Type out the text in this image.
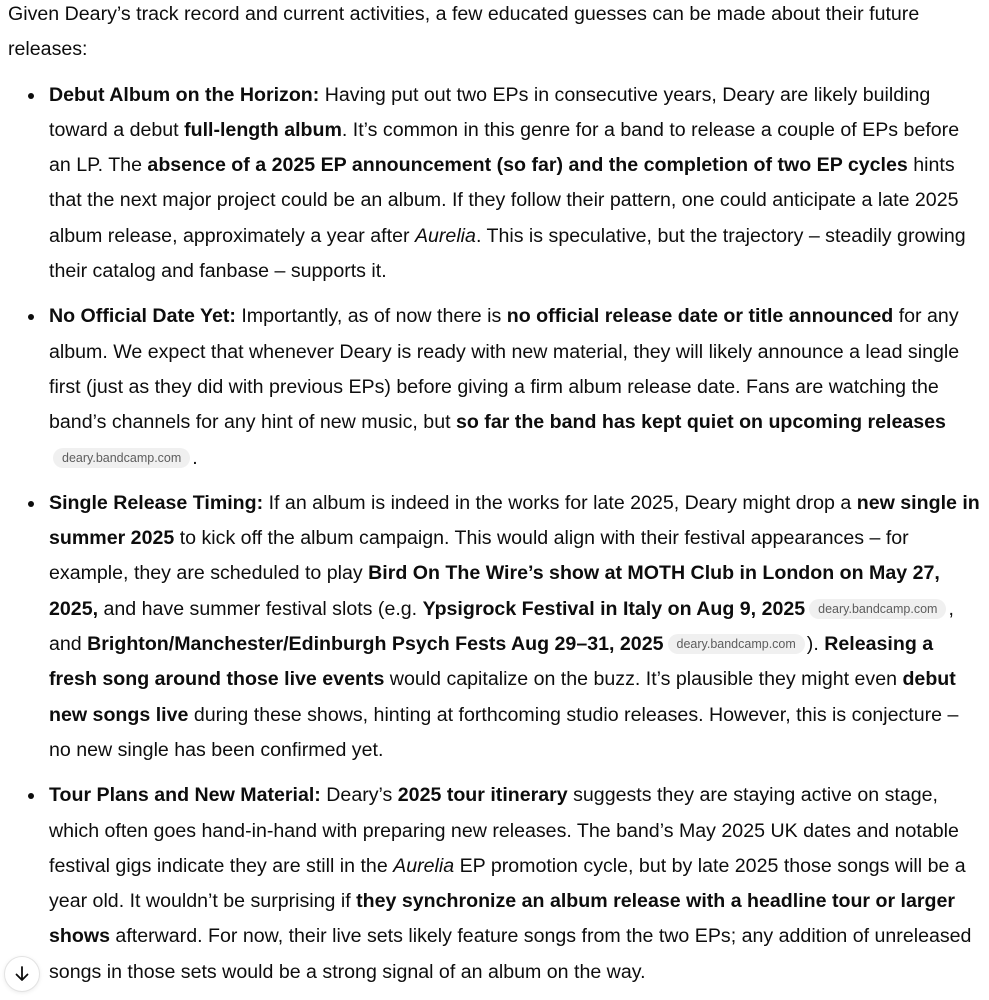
Given Deary’s track record and current activities, a few educated guesses can be made about their future releases:

Debut Album on the Horizon: Having put out two EPs in consecutive years, Deary are likely building toward a debut full-length album. It’s common in this genre for a band to release a couple of EPs before an LP. The absence of a 2025 EP announcement (so far) and the completion of two EP cycles hints that the next major project could be an album. If they follow their pattern, one could anticipate a late 2025 album release, approximately a year after Aurelia. This is speculative, but the trajectory – steadily growing their catalog and fanbase – supports it.
No Official Date Yet: Importantly, as of now there is no official release date or title announced for any album. We expect that whenever Deary is ready with new material, they will likely announce a lead single first (just as they did with previous EPs) before giving a firm album release date. Fans are watching the band’s channels for any hint of new music, but so far the band has kept quiet on upcoming releasesdeary.bandcamp.com .
Single Release Timing: If an album is indeed in the works for late 2025, Deary might drop a new single in summer 2025 to kick off the album campaign. This would align with their festival appearances – for example, they are scheduled to play Bird On The Wire’s show at MOTH Club in London on May 27, 2025, and have summer festival slots (e.g. Ypsigrock Festival in Italy on Aug 9, 2025 deary.bandcamp.com , and Brighton/Manchester/Edinburgh Psych Fests Aug 29–31, 2025 deary.bandcamp.com ). Releasing a fresh song around those live events would capitalize on the buzz. It’s plausible they might even debut new songs live during these shows, hinting at forthcoming studio releases. However, this is conjecture – no new single has been confirmed yet.
Tour Plans and New Material: Deary’s 2025 tour itinerary suggests they are staying active on stage, which often goes hand-in-hand with preparing new releases. The band’s May 2025 UK dates and notable festival gigs indicate they are still in the Aurelia EP promotion cycle, but by late 2025 those songs will be a year old. It wouldn’t be surprising if they synchronize an album release with a headline tour or larger shows afterward. For now, their live sets likely feature songs from the two EPs; any addition of unreleased songs in those sets would be a strong signal of an album on the way.
